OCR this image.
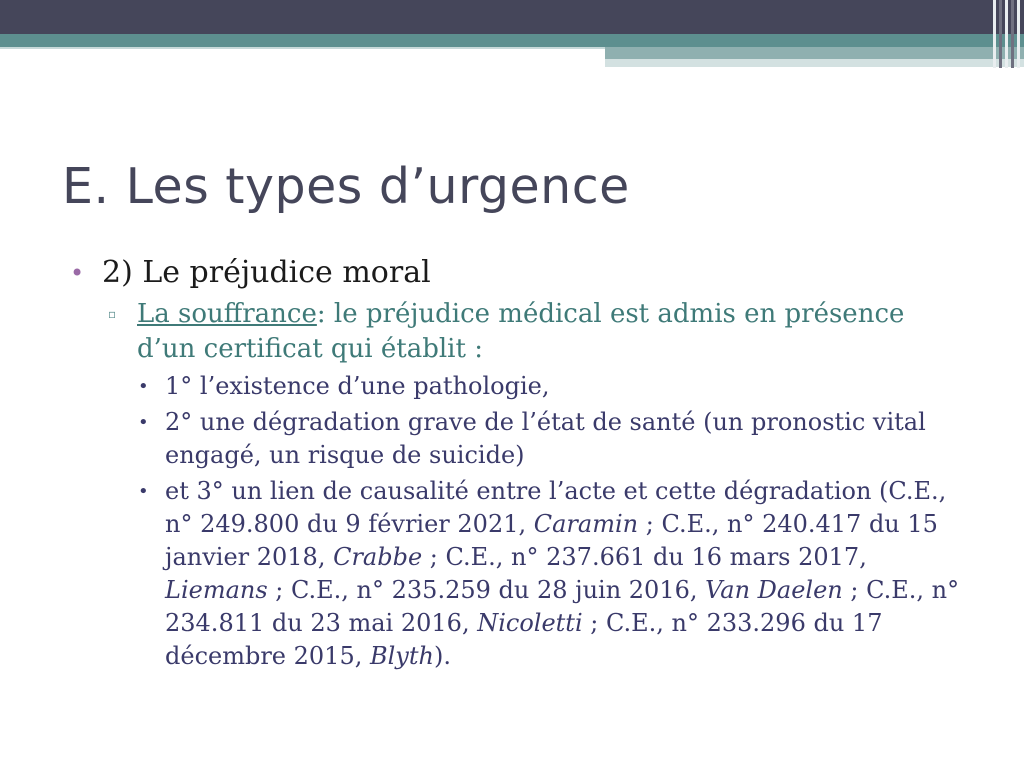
E. Les types d’urgence
• 2) Le préjudice moral
▫ La souffrance: le préjudice médical est admis en présence d’un certificat qui établit :
• 1° l’existence d’une pathologie,
• 2° une dégradation grave de l’état de santé (un pronostic vital engagé, un risque de suicide)
• et 3° un lien de causalité entre l’acte et cette dégradation (C.E., n° 249.800 du 9 février 2021, Caramin ; C.E., n° 240.417 du 15 janvier 2018, Crabbe ; C.E., n° 237.661 du 16 mars 2017, Liemans ; C.E., n° 235.259 du 28 juin 2016, Van Daelen ; C.E., n° 234.811 du 23 mai 2016, Nicoletti ; C.E., n° 233.296 du 17 décembre 2015, Blyth).
